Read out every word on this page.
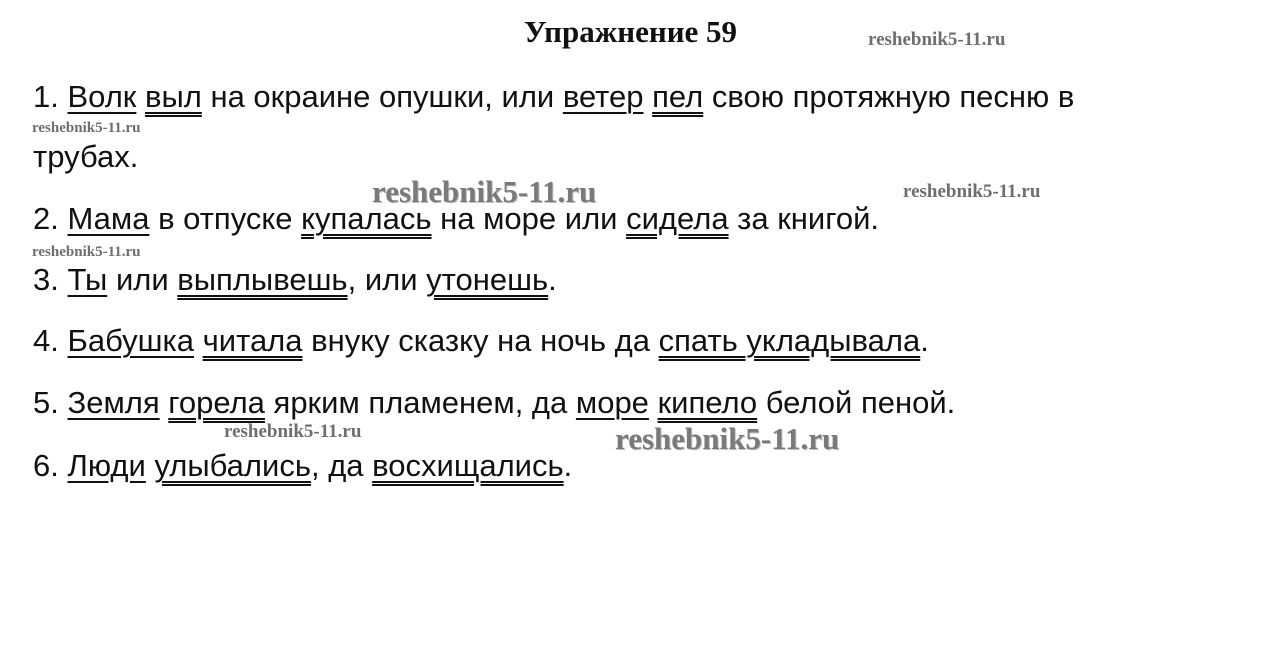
Упражнение 59
1. Волк выл на окраине опушки, или ветер пел свою протяжную песню в
трубах.
2. Мама в отпуске купалась на море или сидела за книгой.
3. Ты или выплывешь, или утонешь.
4. Бабушка читала внуку сказку на ночь да спать укладывала.
5. Земля горела ярким пламенем, да море кипело белой пеной.
6. Люди улыбались, да восхищались.
reshebnik5-11.ru
reshebnik5-11.ru
reshebnik5-11.ru	reshebnik5-11.ru
reshebnik5-11.ru
reshebnik5-11.ru	reshebnik5-11.ru
